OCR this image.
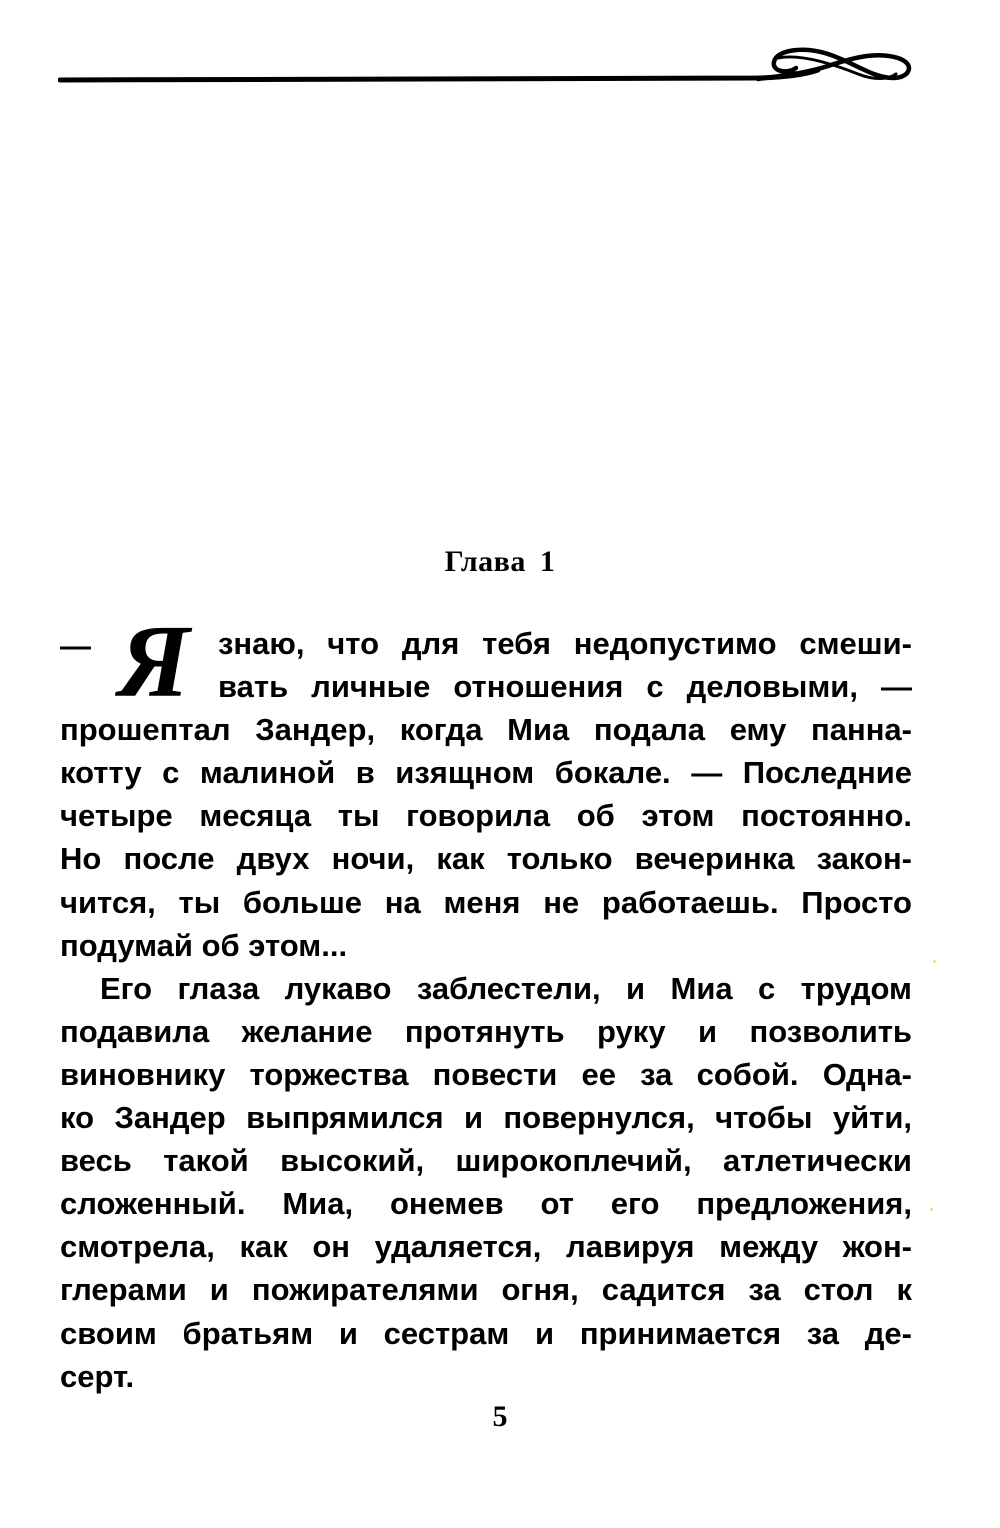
Глава 1
— Я знаю, что для тебя недопустимо смеши-
вать личные отношения с деловыми, —
прошептал Зандер, когда Миа подала ему панна-
котту с малиной в изящном бокале. — Последние
четыре месяца ты говорила об этом постоянно.
Но после двух ночи, как только вечеринка закон-
чится, ты больше на меня не работаешь. Просто
подумай об этом...
Его глаза лукаво заблестели, и Миа с трудом
подавила желание протянуть руку и позволить
виновнику торжества повести ее за собой. Одна-
ко Зандер выпрямился и повернулся, чтобы уйти,
весь такой высокий, широкоплечий, атлетически
сложенный. Миа, онемев от его предложения,
смотрела, как он удаляется, лавируя между жон-
глерами и пожирателями огня, садится за стол к
своим братьям и сестрам и принимается за де-
серт.
5
